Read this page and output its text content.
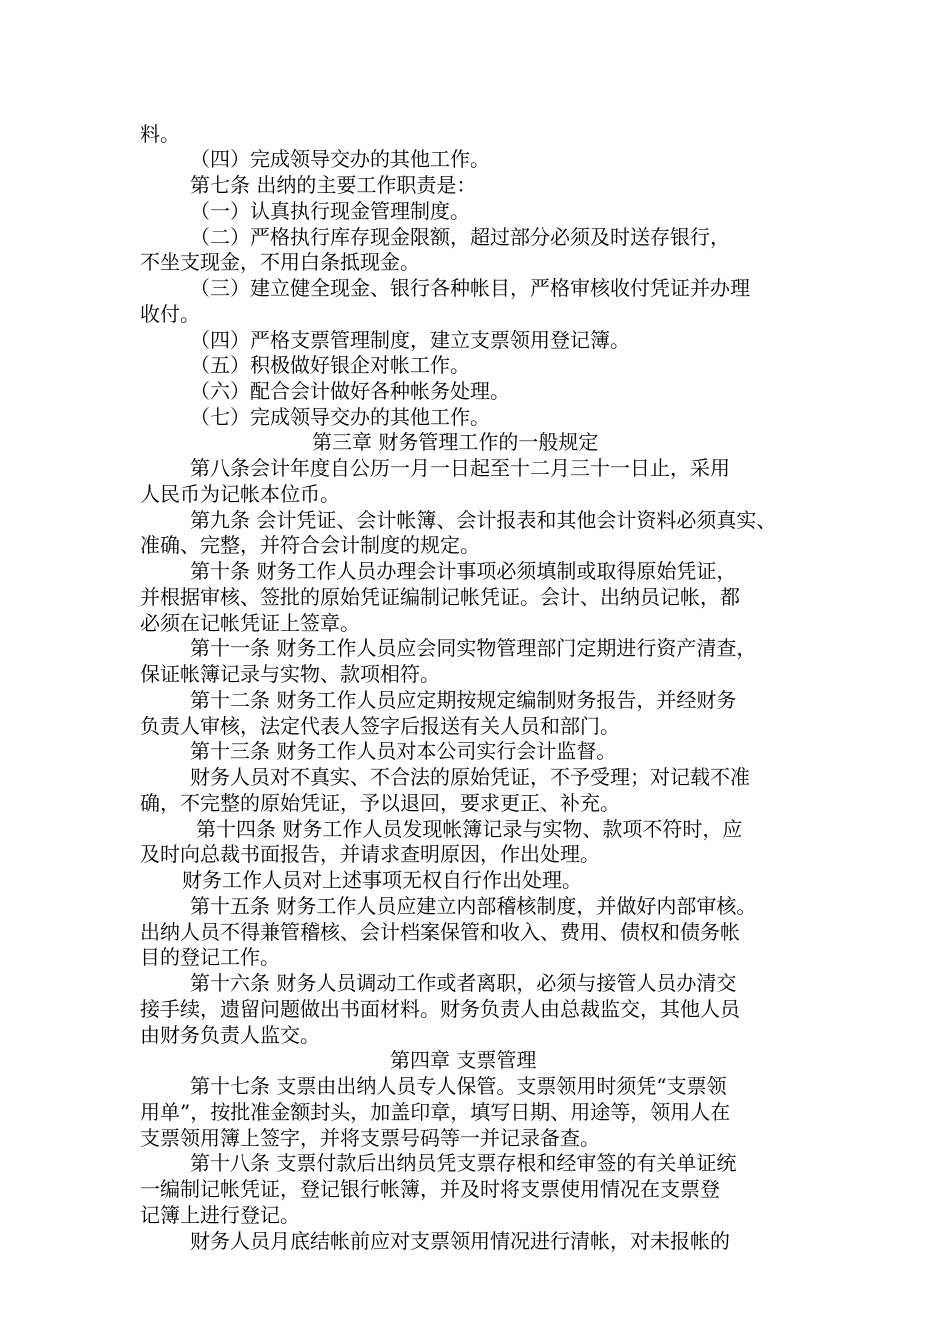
料。
（四）完成领导交办的其他工作。
第七条 出纳的主要工作职责是：
（一）认真执行现金管理制度。
（二）严格执行库存现金限额，超过部分必须及时送存银行，
不坐支现金，不用白条抵现金。
（三）建立健全现金、银行各种帐目，严格审核收付凭证并办理
收付。
（四）严格支票管理制度，建立支票领用登记簿。
（五）积极做好银企对帐工作。
（六）配合会计做好各种帐务处理。
（七）完成领导交办的其他工作。
第三章 财务管理工作的一般规定
第八条会计年度自公历一月一日起至十二月三十一日止，采用
人民币为记帐本位币。
第九条 会计凭证、会计帐簿、会计报表和其他会计资料必须真实、
准确、完整，并符合会计制度的规定。
第十条 财务工作人员办理会计事项必须填制或取得原始凭证，
并根据审核、签批的原始凭证编制记帐凭证。会计、出纳员记帐，都
必须在记帐凭证上签章。
第十一条 财务工作人员应会同实物管理部门定期进行资产清查，
保证帐簿记录与实物、款项相符。
第十二条 财务工作人员应定期按规定编制财务报告，并经财务
负责人审核，法定代表人签字后报送有关人员和部门。
第十三条 财务工作人员对本公司实行会计监督。
财务人员对不真实、不合法的原始凭证，不予受理；对记载不准
确，不完整的原始凭证，予以退回，要求更正、补充。
第十四条 财务工作人员发现帐簿记录与实物、款项不符时，应
及时向总裁书面报告，并请求查明原因，作出处理。
财务工作人员对上述事项无权自行作出处理。
第十五条 财务工作人员应建立内部稽核制度，并做好内部审核。
出纳人员不得兼管稽核、会计档案保管和收入、费用、债权和债务帐
目的登记工作。
第十六条 财务人员调动工作或者离职，必须与接管人员办清交
接手续，遗留问题做出书面材料。财务负责人由总裁监交，其他人员
由财务负责人监交。
第四章 支票管理
第十七条 支票由出纳人员专人保管。支票领用时须凭“支票领
用单”，按批准金额封头，加盖印章，填写日期、用途等，领用人在
支票领用簿上签字，并将支票号码等一并记录备查。
第十八条 支票付款后出纳员凭支票存根和经审签的有关单证统
一编制记帐凭证，登记银行帐簿，并及时将支票使用情况在支票登
记簿上进行登记。
财务人员月底结帐前应对支票领用情况进行清帐，对未报帐的
